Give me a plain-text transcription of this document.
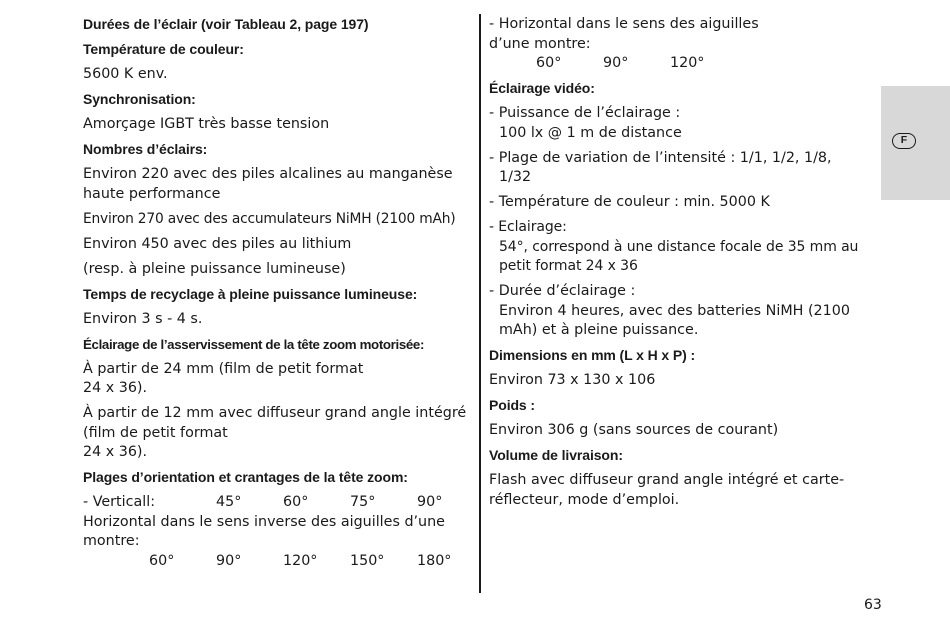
Durées de l’éclair (voir Tableau 2, page 197)

Température de couleur:

5600 K env.

Synchronisation:

Amorçage IGBT très basse tension

Nombres d’éclairs:

Environ 220 avec des piles alcalines au manganèse
haute performance

Environ 270 avec des accumulateurs NiMH (2100 mAh)

Environ 450 avec des piles au lithium

(resp. à pleine puissance lumineuse)

Temps de recyclage à pleine puissance lumineuse:

Environ 3 s - 4 s.

Éclairage de l’asservissement de la tête zoom motorisée:

À partir de 24 mm (film de petit format
24 x 36).

À partir de 12 mm avec diffuseur grand angle intégré
(film de petit format
24 x 36).

Plages d’orientation et crantages de la tête zoom:

- Verticall:	45°	60°	75°	90°

Horizontal dans le sens inverse des aiguilles d’une
montre:

60°	90°	120°	150°	180°

- Horizontal dans le sens des aiguilles
d’une montre:

60°	90°	120°

Éclairage vidéo:

- Puissance de l’éclairage :
100 lx @ 1 m de distance

- Plage de variation de l’intensité : 1/1, 1/2, 1/8,
1/32

- Température de couleur : min. 5000 K

- Eclairage:
54°, correspond à une distance focale de 35 mm au
petit format 24 x 36

- Durée d’éclairage :
Environ 4 heures, avec des batteries NiMH (2100
mAh) et à pleine puissance.

Dimensions en mm (L x H x P) :

Environ 73 x 130 x 106

Poids :

Environ 306 g (sans sources de courant)

Volume de livraison:

Flash avec diffuseur grand angle intégré et carte-
réflecteur, mode d’emploi.

F
63
